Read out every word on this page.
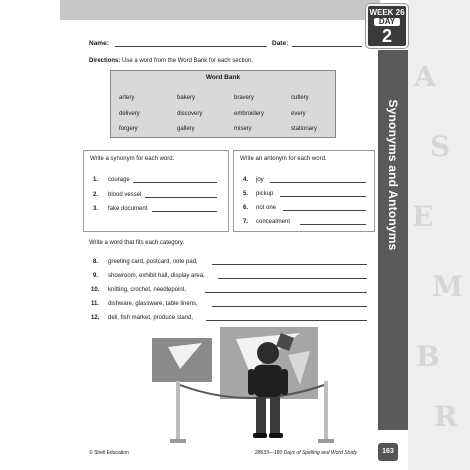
A
S
E
M
B
R
Synonyms and Antonyms
WEEK 26
DAY
2
Name:	Date:
Directions: Use a word from the Word Bank for each section.
Word Bank
artery	bakery	bravery	cutlery
delivery	discovery	embroidery	every
forgery	gallery	misery	stationary
Write a synonym for each word.
1. courage
2. blood vessel
3. fake document
Write an antonym for each word.
4. joy
5. pickup
6. not one
7. concealment
Write a word that fits each category.
8. greeting card, postcard, note pad,
9. showroom, exhibit hall, display area,
10. knitting, crochet, needlepoint,
11. dishware, glassware, table linens,
12. deli, fish market, produce stand,
© Shell Education	28633—180 Days of Spelling and Word Study	163
